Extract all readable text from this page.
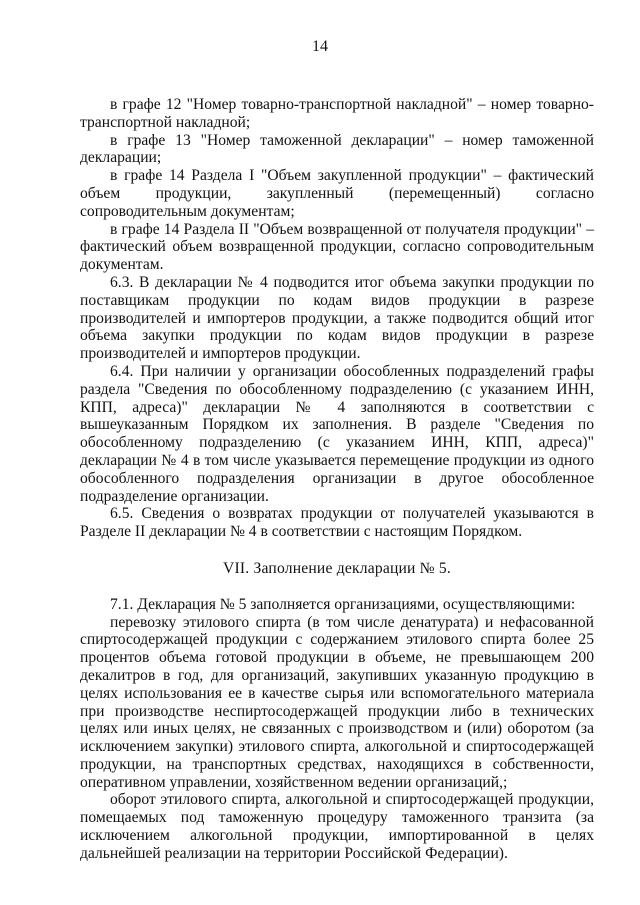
14

в графе 12 "Номер товарно-транспортной накладной" – номер товарно-транспортной накладной;

в графе 13 "Номер таможенной декларации" – номер таможенной декларации;

в графе 14 Раздела I "Объем закупленной продукции" – фактический объем продукции, закупленный (перемещенный) согласно сопроводительным документам;

в графе 14 Раздела II "Объем возвращенной от получателя продукции" – фактический объем возвращенной продукции, согласно сопроводительным документам.

6.3. В декларации № 4 подводится итог объема закупки продукции по поставщикам продукции по кодам видов продукции в разрезе производителей и импортеров продукции, а также подводится общий итог объема закупки продукции по кодам видов продукции в разрезе производителей и импортеров продукции.

6.4. При наличии у организации обособленных подразделений графы раздела "Сведения по обособленному подразделению (с указанием ИНН, КПП, адреса)" декларации № 4 заполняются в соответствии с вышеуказанным Порядком их заполнения. В разделе "Сведения по обособленному подразделению (с указанием ИНН, КПП, адреса)" декларации № 4 в том числе указывается перемещение продукции из одного обособленного подразделения организации в другое обособленное подразделение организации.

6.5. Сведения о возвратах продукции от получателей указываются в Разделе II декларации № 4 в соответствии с настоящим Порядком.

VII. Заполнение декларации № 5.

7.1. Декларация № 5 заполняется организациями, осуществляющими:

перевозку этилового спирта (в том числе денатурата) и нефасованной спиртосодержащей продукции с содержанием этилового спирта более 25 процентов объема готовой продукции в объеме, не превышающем 200 декалитров в год, для организаций, закупивших указанную продукцию в целях использования ее в качестве сырья или вспомогательного материала при производстве неспиртосодержащей продукции либо в технических целях или иных целях, не связанных с производством и (или) оборотом (за исключением закупки) этилового спирта, алкогольной и спиртосодержащей продукции, на транспортных средствах, находящихся в собственности, оперативном управлении, хозяйственном ведении организаций,;

оборот этилового спирта, алкогольной и спиртосодержащей продукции, помещаемых под таможенную процедуру таможенного транзита (за исключением алкогольной продукции, импортированной в целях дальнейшей реализации на территории Российской Федерации).
